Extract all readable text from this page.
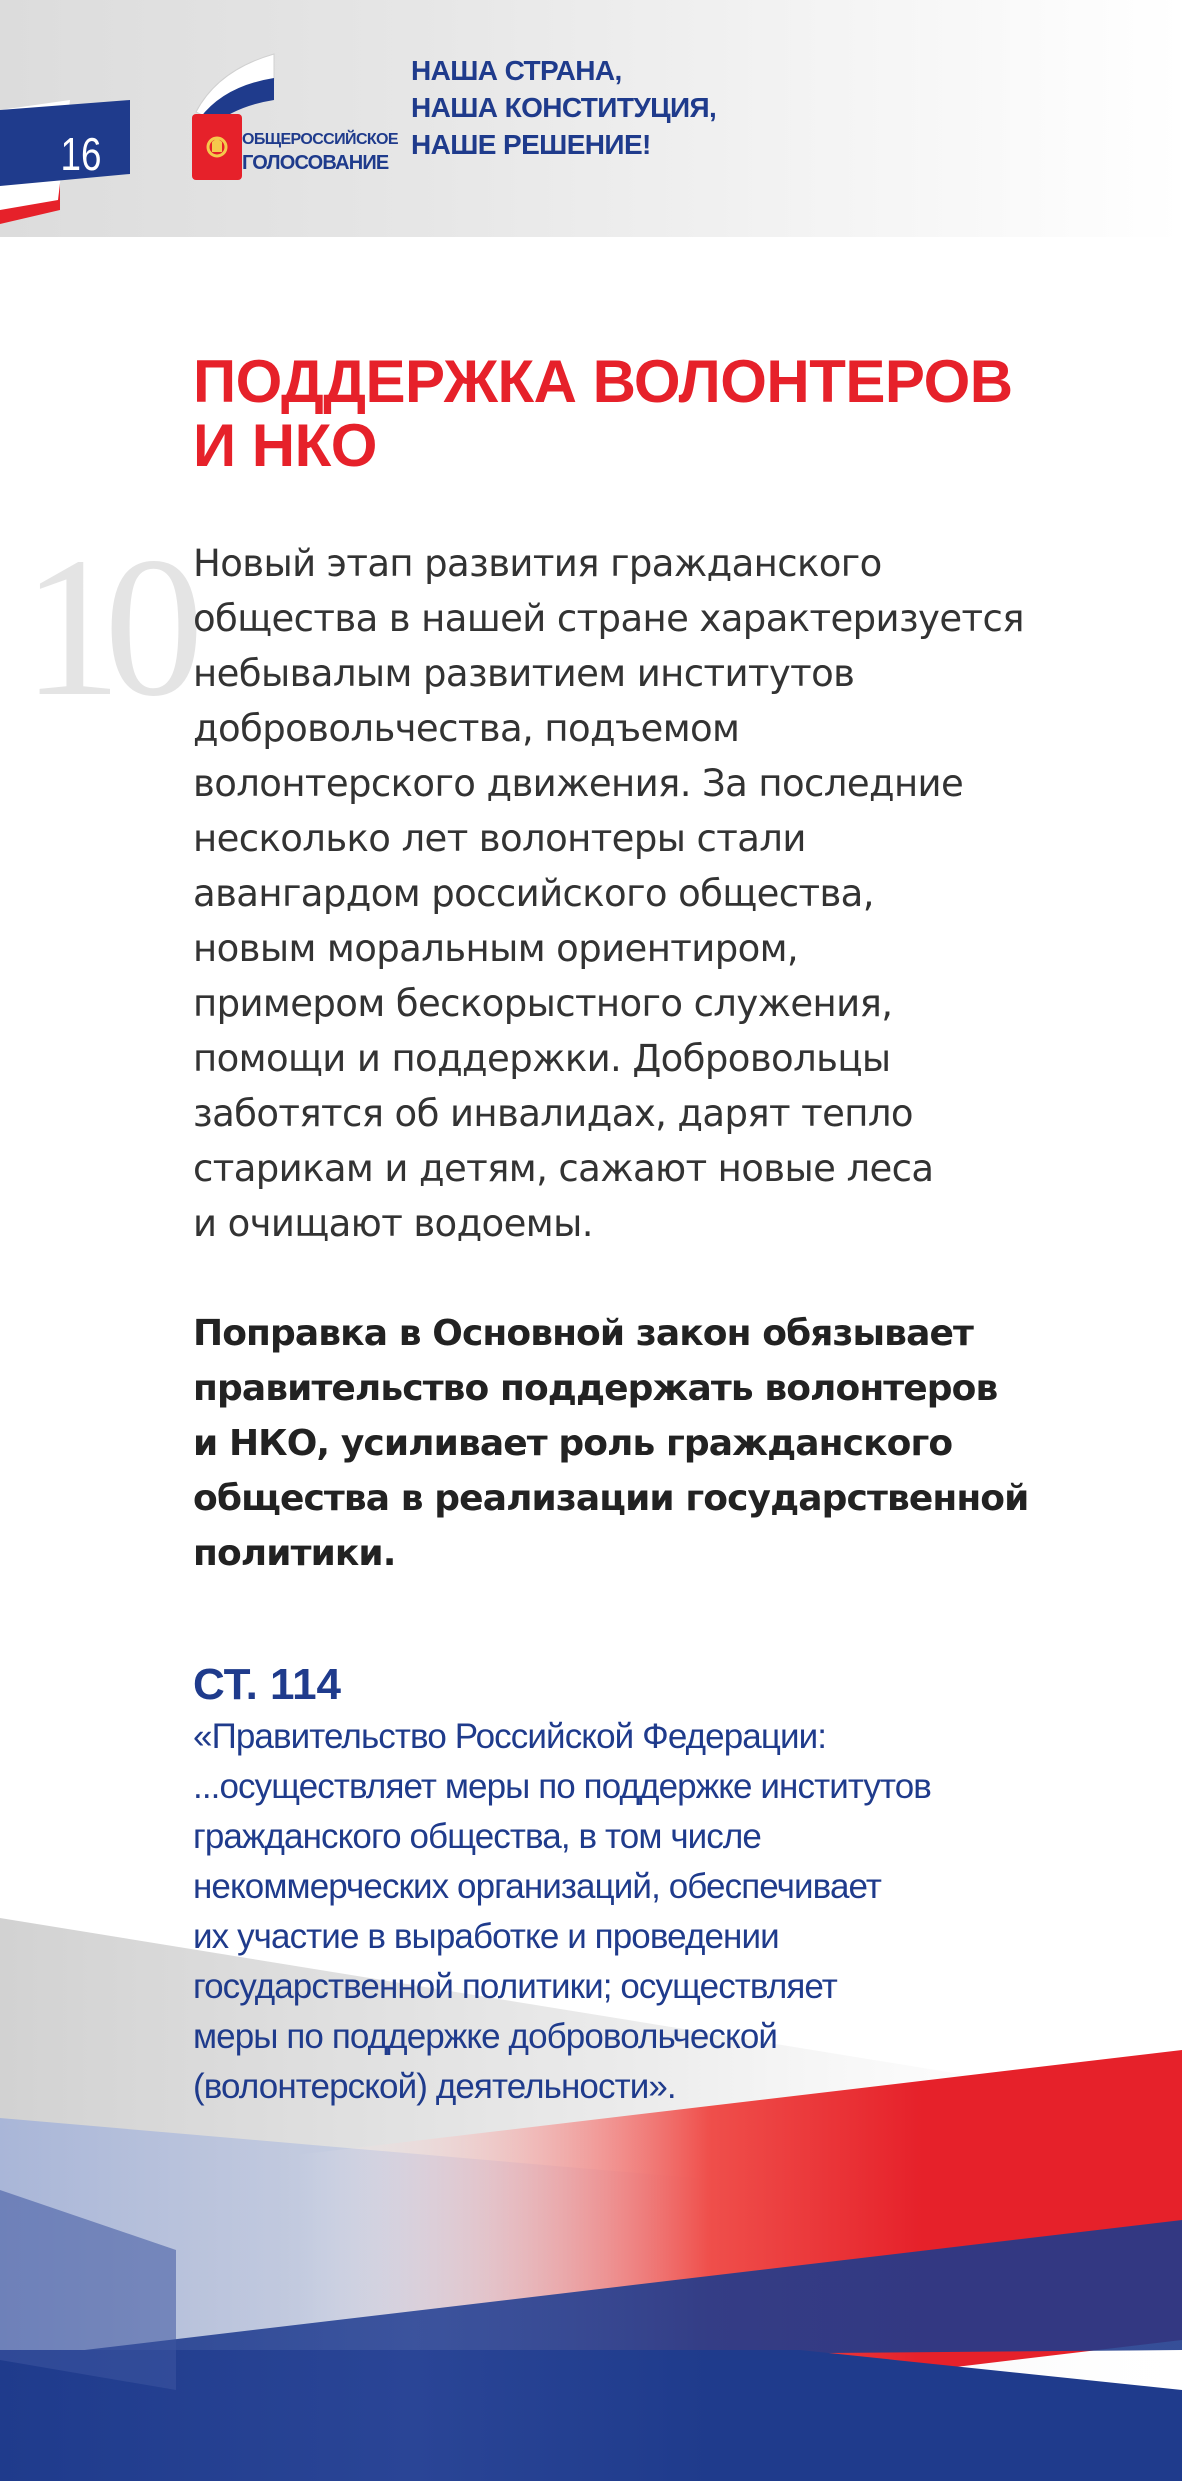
16	ОБЩЕРОССИЙСКОЕ
ГОЛОСОВАНИЕ
НАША СТРАНА,
НАША КОНСТИТУЦИЯ,
НАШЕ РЕШЕНИЕ!
ПОДДЕРЖКА ВОЛОНТЕРОВ
И НКО
10 Новый этап развития гражданского
общества в нашей стране характеризуется
небывалым развитием институтов
добровольчества, подъемом
волонтерского движения. За последние
несколько лет волонтеры стали
авангардом российского общества,
новым моральным ориентиром,
примером бескорыстного служения,
помощи и поддержки. Добровольцы
заботятся об инвалидах, дарят тепло
старикам и детям, сажают новые леса
и очищают водоемы.
Поправка в Основной закон обязывает
правительство поддержать волонтеров
и НКО, усиливает роль гражданского
общества в реализации государственной
политики.
СТ. 114
«Правительство Российской Федерации:
...осуществляет меры по поддержке институтов
гражданского общества, в том числе
некоммерческих организаций, обеспечивает
их участие в выработке и проведении
государственной политики; осуществляет
меры по поддержке добровольческой
(волонтерской) деятельности».
